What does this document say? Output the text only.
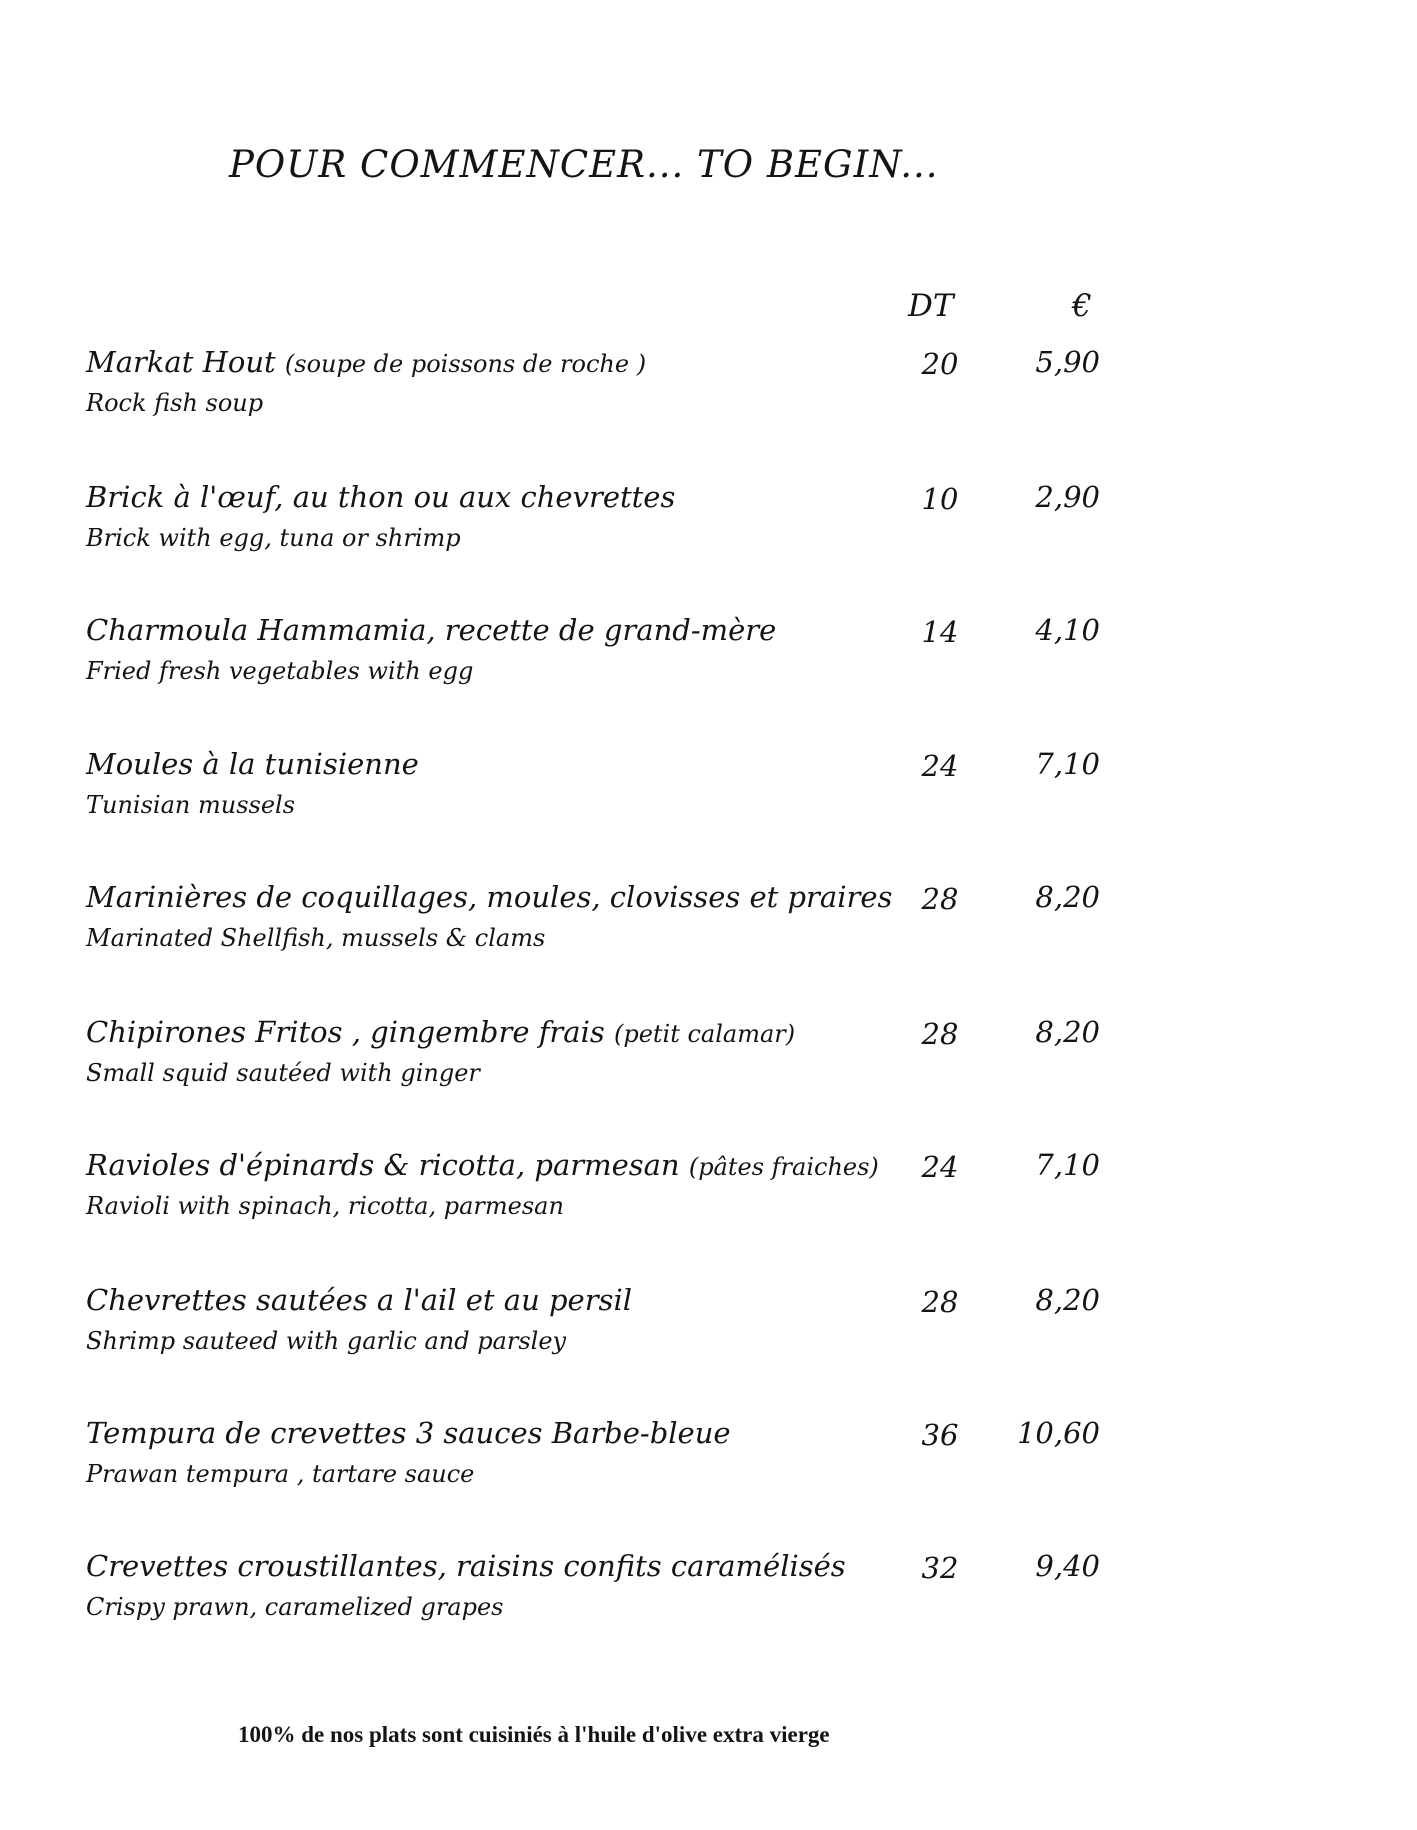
POUR COMMENCER... TO BEGIN...
DT	€
Markat Hout (soupe de poissons de roche )
Rock fish soup
20	5,90
Brick à l'œuf, au thon ou aux chevrettes
Brick with egg, tuna or shrimp
10	2,90
Charmoula Hammamia, recette de grand-mère
Fried fresh vegetables with egg
14	4,10
Moules à la tunisienne
Tunisian mussels
24	7,10
Marinières de coquillages, moules, clovisses et praires
Marinated Shellfish, mussels & clams
28	8,20
Chipirones Fritos , gingembre frais (petit calamar)
Small squid sautéed with ginger
28	8,20
Ravioles d'épinards & ricotta, parmesan (pâtes fraiches)
Ravioli with spinach, ricotta, parmesan
24	7,10
Chevrettes sautées a l'ail et au persil
Shrimp sauteed with garlic and parsley
28	8,20
Tempura de crevettes 3 sauces Barbe-bleue
Prawan tempura , tartare sauce
36	10,60
Crevettes croustillantes, raisins confits caramélisés
Crispy prawn, caramelized grapes
32	9,40
100% de nos plats sont cuisiniés à l'huile d'olive extra vierge
